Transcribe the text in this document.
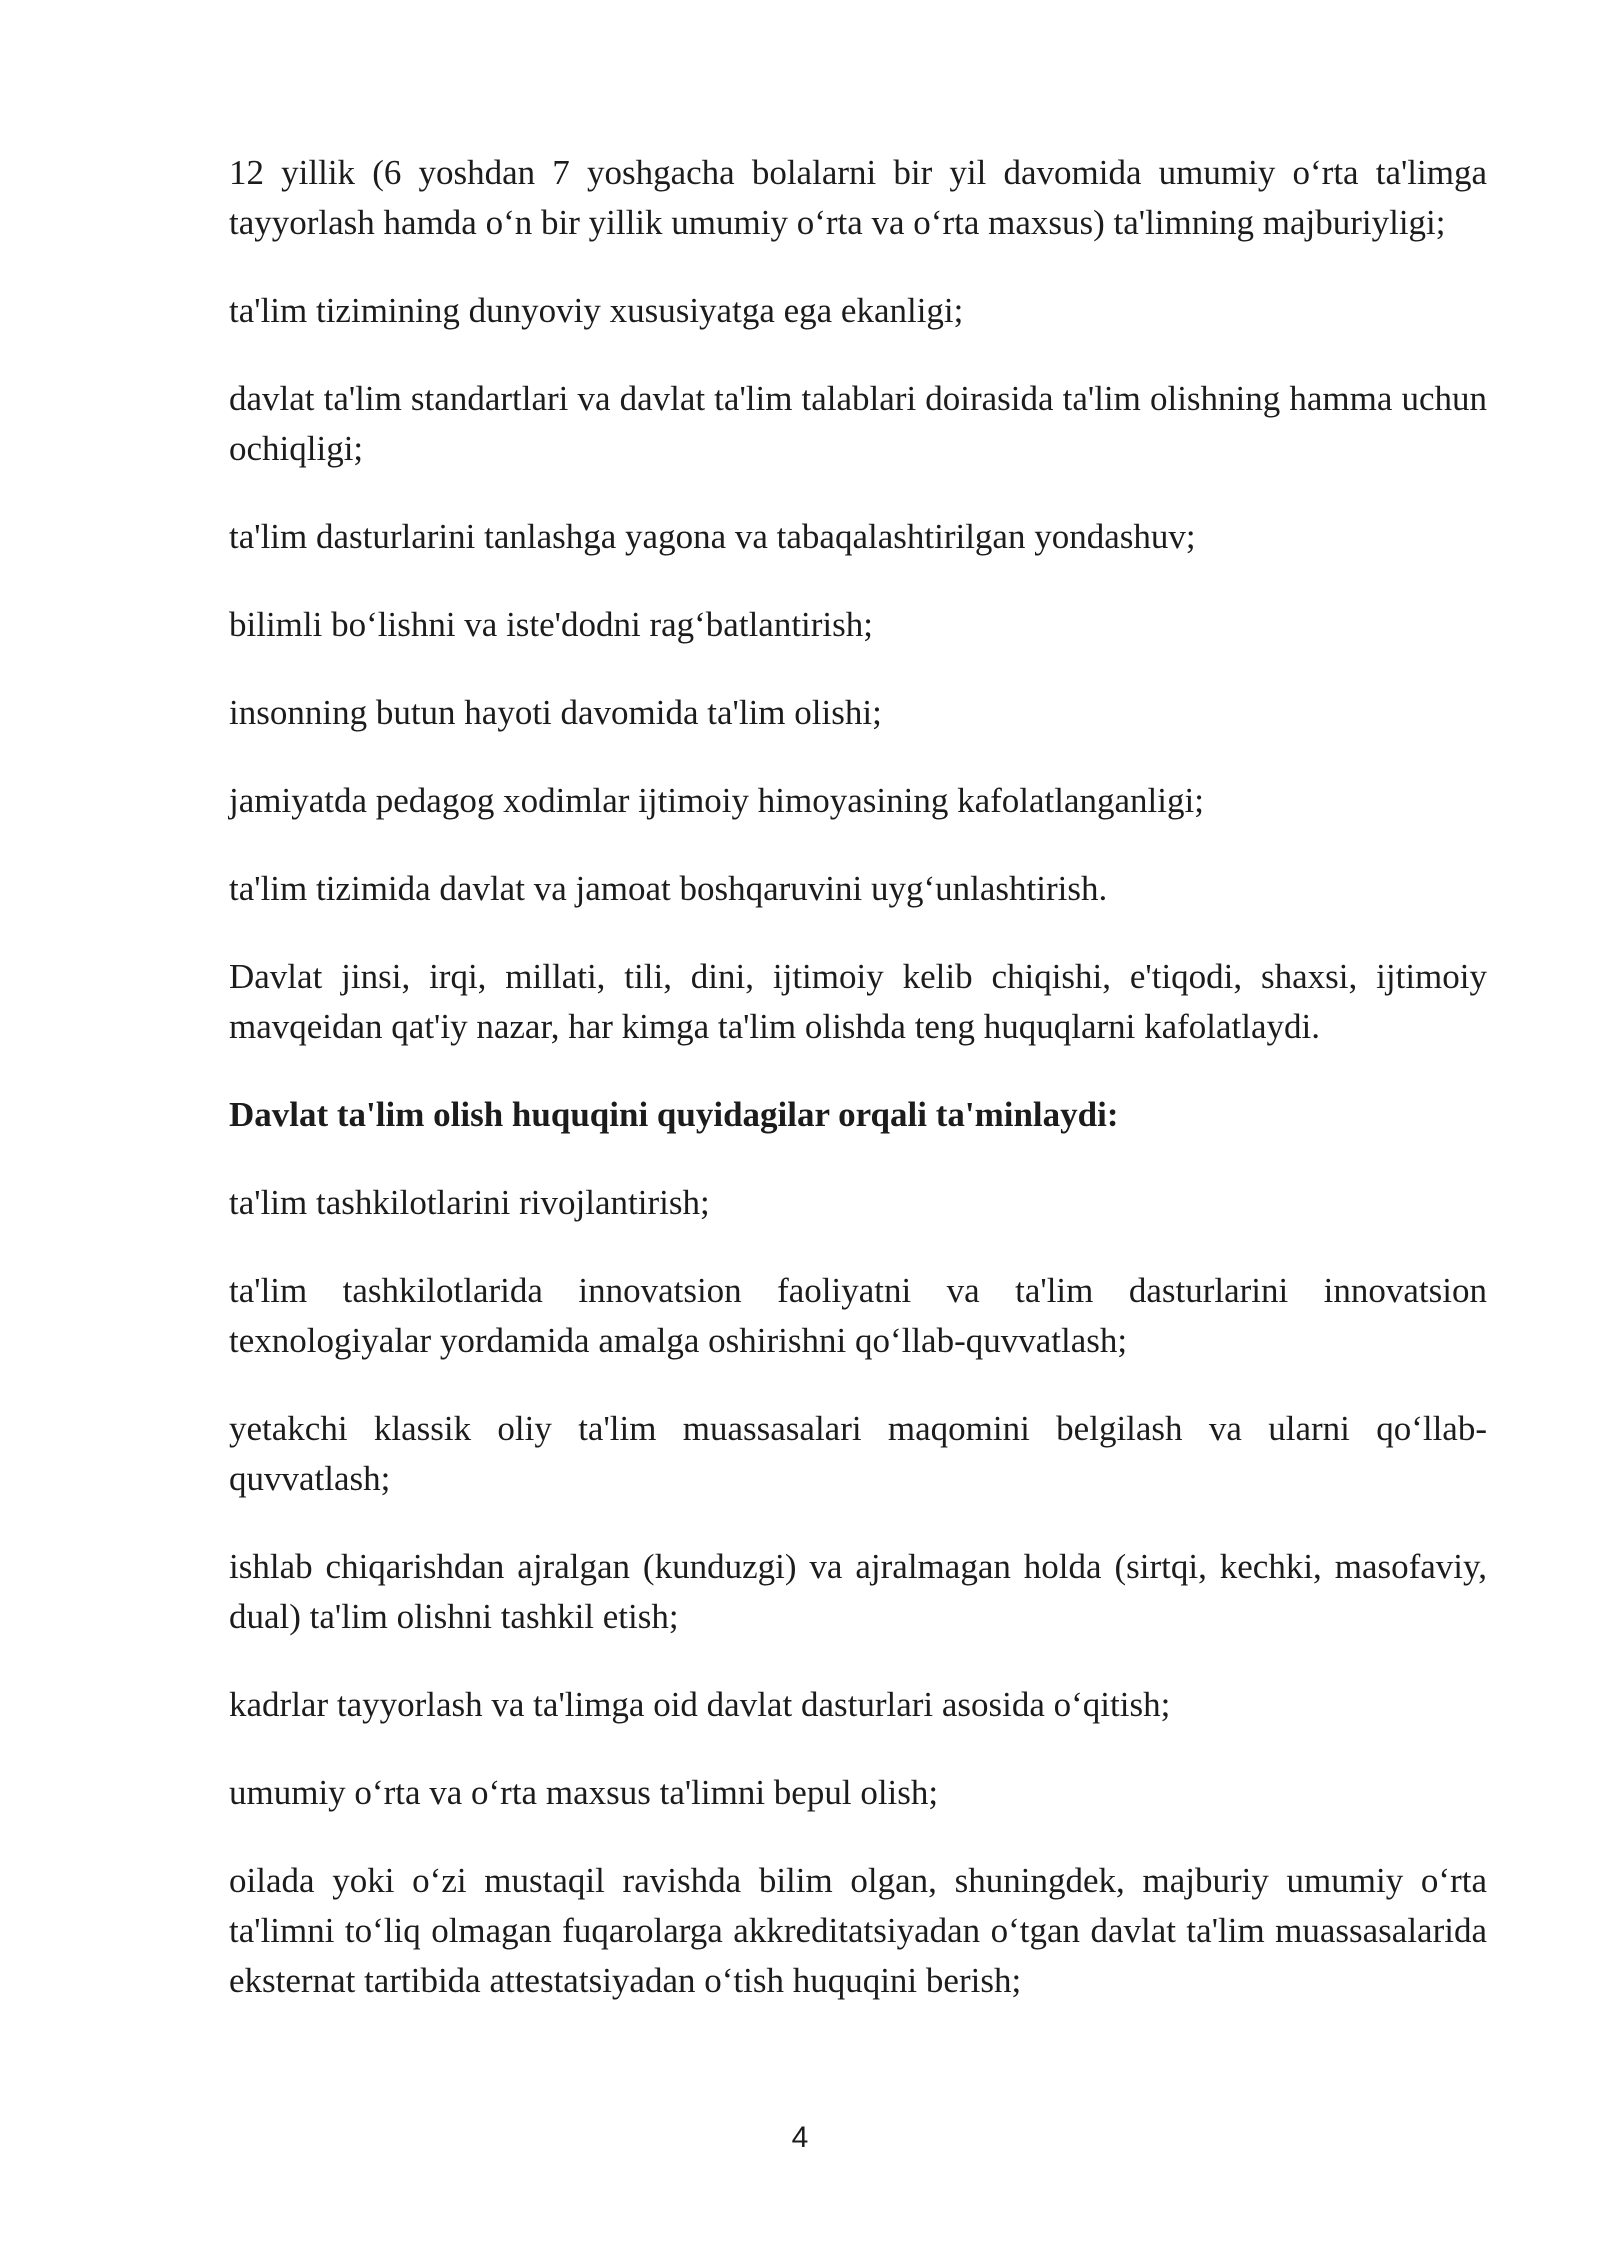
12 yillik (6 yoshdan 7 yoshgacha bolalarni bir yil davomida umumiy o‘rta ta'limga tayyorlash hamda o‘n bir yillik umumiy o‘rta va o‘rta maxsus) ta'limning majburiyligi;

ta'lim tizimining dunyoviy xususiyatga ega ekanligi;

davlat ta'lim standartlari va davlat ta'lim talablari doirasida ta'lim olishning hamma uchun ochiqligi;

ta'lim dasturlarini tanlashga yagona va tabaqalashtirilgan yondashuv;

bilimli bo‘lishni va iste'dodni rag‘batlantirish;

insonning butun hayoti davomida ta'lim olishi;

jamiyatda pedagog xodimlar ijtimoiy himoyasining kafolatlanganligi;

ta'lim tizimida davlat va jamoat boshqaruvini uyg‘unlashtirish.

Davlat jinsi, irqi, millati, tili, dini, ijtimoiy kelib chiqishi, e'tiqodi, shaxsi, ijtimoiy mavqeidan qat'iy nazar, har kimga ta'lim olishda teng huquqlarni kafolatlaydi.

Davlat ta'lim olish huquqini quyidagilar orqali ta'minlaydi:

ta'lim tashkilotlarini rivojlantirish;

ta'lim tashkilotlarida innovatsion faoliyatni va ta'lim dasturlarini innovatsion texnologiyalar yordamida amalga oshirishni qo‘llab-quvvatlash;

yetakchi klassik oliy ta'lim muassasalari maqomini belgilash va ularni qo‘llab-quvvatlash;

ishlab chiqarishdan ajralgan (kunduzgi) va ajralmagan holda (sirtqi, kechki, masofaviy, dual) ta'lim olishni tashkil etish;

kadrlar tayyorlash va ta'limga oid davlat dasturlari asosida o‘qitish;

umumiy o‘rta va o‘rta maxsus ta'limni bepul olish;

oilada yoki o‘zi mustaqil ravishda bilim olgan, shuningdek, majburiy umumiy o‘rta ta'limni to‘liq olmagan fuqarolarga akkreditatsiyadan o‘tgan davlat ta'lim muassasalarida eksternat tartibida attestatsiyadan o‘tish huquqini berish;

4
